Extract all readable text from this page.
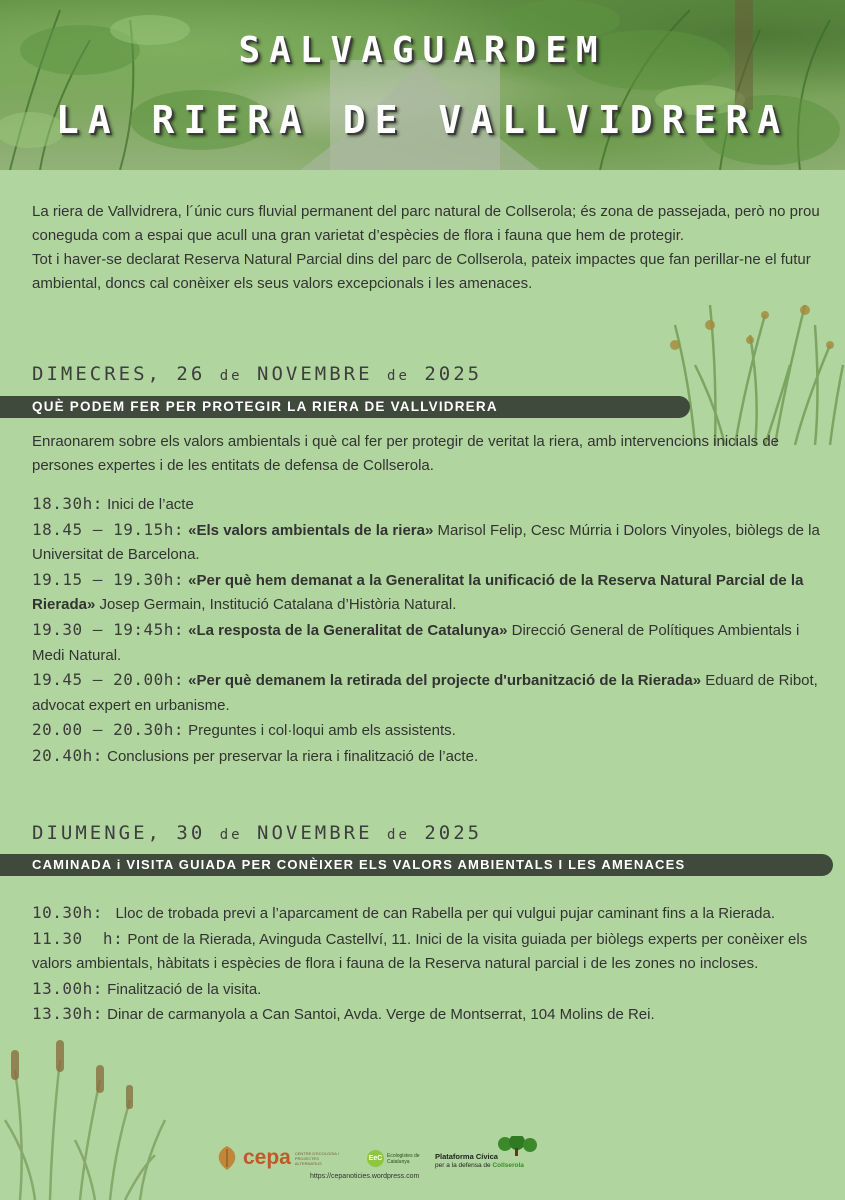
SALVAGUARDEM
LA RIERA DE VALLVIDRERA
La riera de Vallvidrera, l´únic curs fluvial permanent del parc natural de Collserola; és zona de passejada, però no prou coneguda com a espai que acull una gran varietat d’espècies de flora i fauna que hem de protegir.
Tot i haver-se declarat Reserva Natural Parcial dins del parc de Collserola, pateix impactes que fan perillar-ne el futur ambiental, doncs cal conèixer els seus valors excepcionals i les amenaces.
DIMECRES, 26 de NOVEMBRE de 2025
QUÈ PODEM FER PER PROTEGIR LA RIERA DE VALLVIDRERA
Enraonarem sobre els valors ambientals i què cal fer per protegir de veritat la riera, amb intervencions inicials de persones expertes i de les entitats de defensa de Collserola.
18.30h: Inici de l’acte
18.45 – 19.15h: «Els valors ambientals de la riera» Marisol Felip, Cesc Múrria i Dolors Vinyoles, biòlegs de la Universitat de Barcelona.
19.15 – 19.30h: «Per què hem demanat a la Generalitat la unificació de la Reserva Natural Parcial de la Rierada» Josep Germain, Institució Catalana d’Història Natural.
19.30 – 19:45h: «La resposta de la Generalitat de Catalunya» Direcció General de Polítiques Ambientals i Medi Natural.
19.45 – 20.00h: «Per què demanem la retirada del projecte d'urbanització de la Rierada» Eduard de Ribot, advocat expert en urbanisme.
20.00 – 20.30h: Preguntes i col·loqui amb els assistents.
20.40h: Conclusions per preservar la riera i finalització de l’acte.
DIUMENGE, 30 de NOVEMBRE de 2025
CAMINADA i VISITA GUIADA PER CONÈIXER ELS VALORS AMBIENTALS I LES AMENACES
10.30h:   Lloc de trobada previ a l’aparcament de can Rabella per qui vulgui pujar caminant fins a la Rierada.
11.30  h: Pont de la Rierada, Avinguda Castellví, 11. Inici de la visita guiada per biòlegs experts per conèixer els valors ambientals, hàbitats i espècies de flora i fauna de la Reserva natural parcial i de les zones no incloses.
13.00h: Finalització de la visita.
13.30h: Dinar de carmanyola a Can Santoi, Avda. Verge de Montserrat, 104 Molins de Rei.
cepa CENTRE D'ECOLOGIA I PROJECTES ALTERNATIUS
https://cepanoticies.wordpress.com
EeC Ecologistes de Catalunya
Plataforma Cívica
per a la defensa de Collserola
